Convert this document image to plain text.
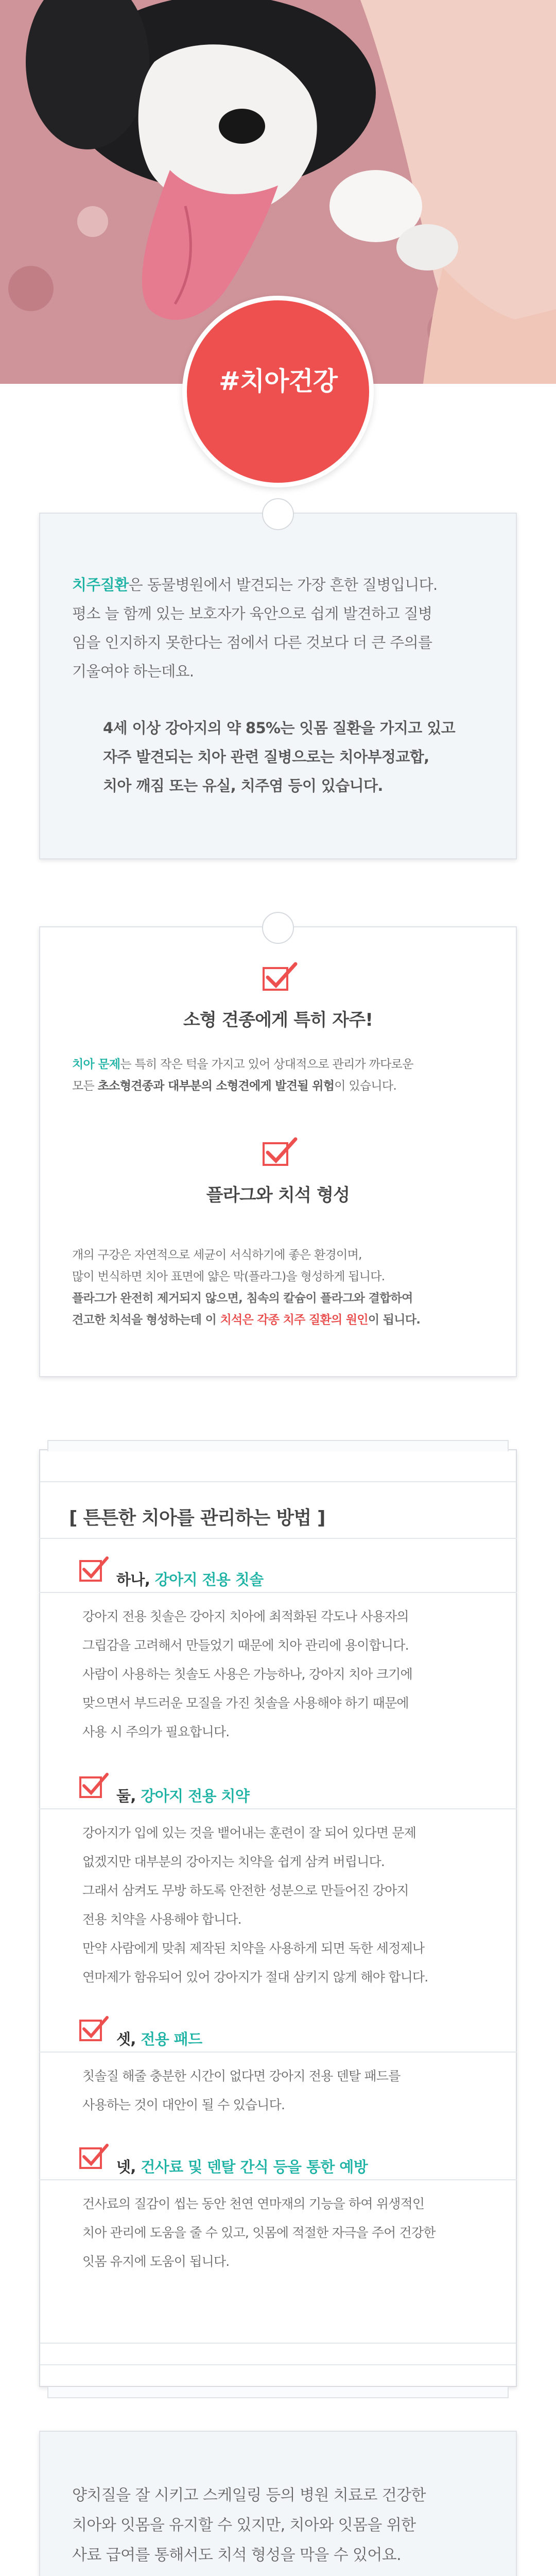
#치아건강
치주질환은 동물병원에서 발견되는 가장 흔한 질병입니다.
평소 늘 함께 있는 보호자가 육안으로 쉽게 발견하고 질병
임을 인지하지 못한다는 점에서 다른 것보다 더 큰 주의를
기울여야 하는데요.
4세 이상 강아지의 약 85%는 잇몸 질환을 가지고 있고
자주 발견되는 치아 관련 질병으로는 치아부정교합,
치아 깨짐 또는 유실, 치주염 등이 있습니다.
소형 견종에게 특히 자주!
치아 문제는 특히 작은 턱을 가지고 있어 상대적으로 관리가 까다로운
모든 초소형견종과 대부분의 소형견에게 발견될 위험이 있습니다.
플라그와 치석 형성
개의 구강은 자연적으로 세균이 서식하기에 좋은 환경이며,
많이 번식하면 치아 표면에 얇은 막(플라그)을 형성하게 됩니다.
플라그가 완전히 제거되지 않으면, 침속의 칼슘이 플라그와 결합하여
견고한 치석을 형성하는데 이 치석은 각종 치주 질환의 원인이 됩니다.
[ 튼튼한 치아를 관리하는 방법 ]
하나, 강아지 전용 칫솔
강아지 전용 칫솔은 강아지 치아에 최적화된 각도나 사용자의
그립감을 고려해서 만들었기 때문에 치아 관리에 용이합니다.
사람이 사용하는 칫솔도 사용은 가능하나, 강아지 치아 크기에
맞으면서 부드러운 모질을 가진 칫솔을 사용해야 하기 때문에
사용 시 주의가 필요합니다.
둘, 강아지 전용 치약
강아지가 입에 있는 것을 뱉어내는 훈련이 잘 되어 있다면 문제
없겠지만 대부분의 강아지는 치약을 쉽게 삼켜 버립니다.
그래서 삼켜도 무방 하도록 안전한 성분으로 만들어진 강아지
전용 치약을 사용해야 합니다.
만약 사람에게 맞춰 제작된 치약을 사용하게 되면 독한 세정제나
연마제가 함유되어 있어 강아지가 절대 삼키지 않게 해야 합니다.
셋, 전용 패드
칫솔질 해줄 충분한 시간이 없다면 강아지 전용 덴탈 패드를
사용하는 것이 대안이 될 수 있습니다.
넷, 건사료 및 덴탈 간식 등을 통한 예방
건사료의 질감이 씹는 동안 천연 연마재의 기능을 하여 위생적인
치아 관리에 도움을 줄 수 있고, 잇몸에 적절한 자극을 주어 건강한
잇몸 유지에 도움이 됩니다.
양치질을 잘 시키고 스케일링 등의 병원 치료로 건강한
치아와 잇몸을 유지할 수 있지만, 치아와 잇몸을 위한
사료 급여를 통해서도 치석 형성을 막을 수 있어요.
